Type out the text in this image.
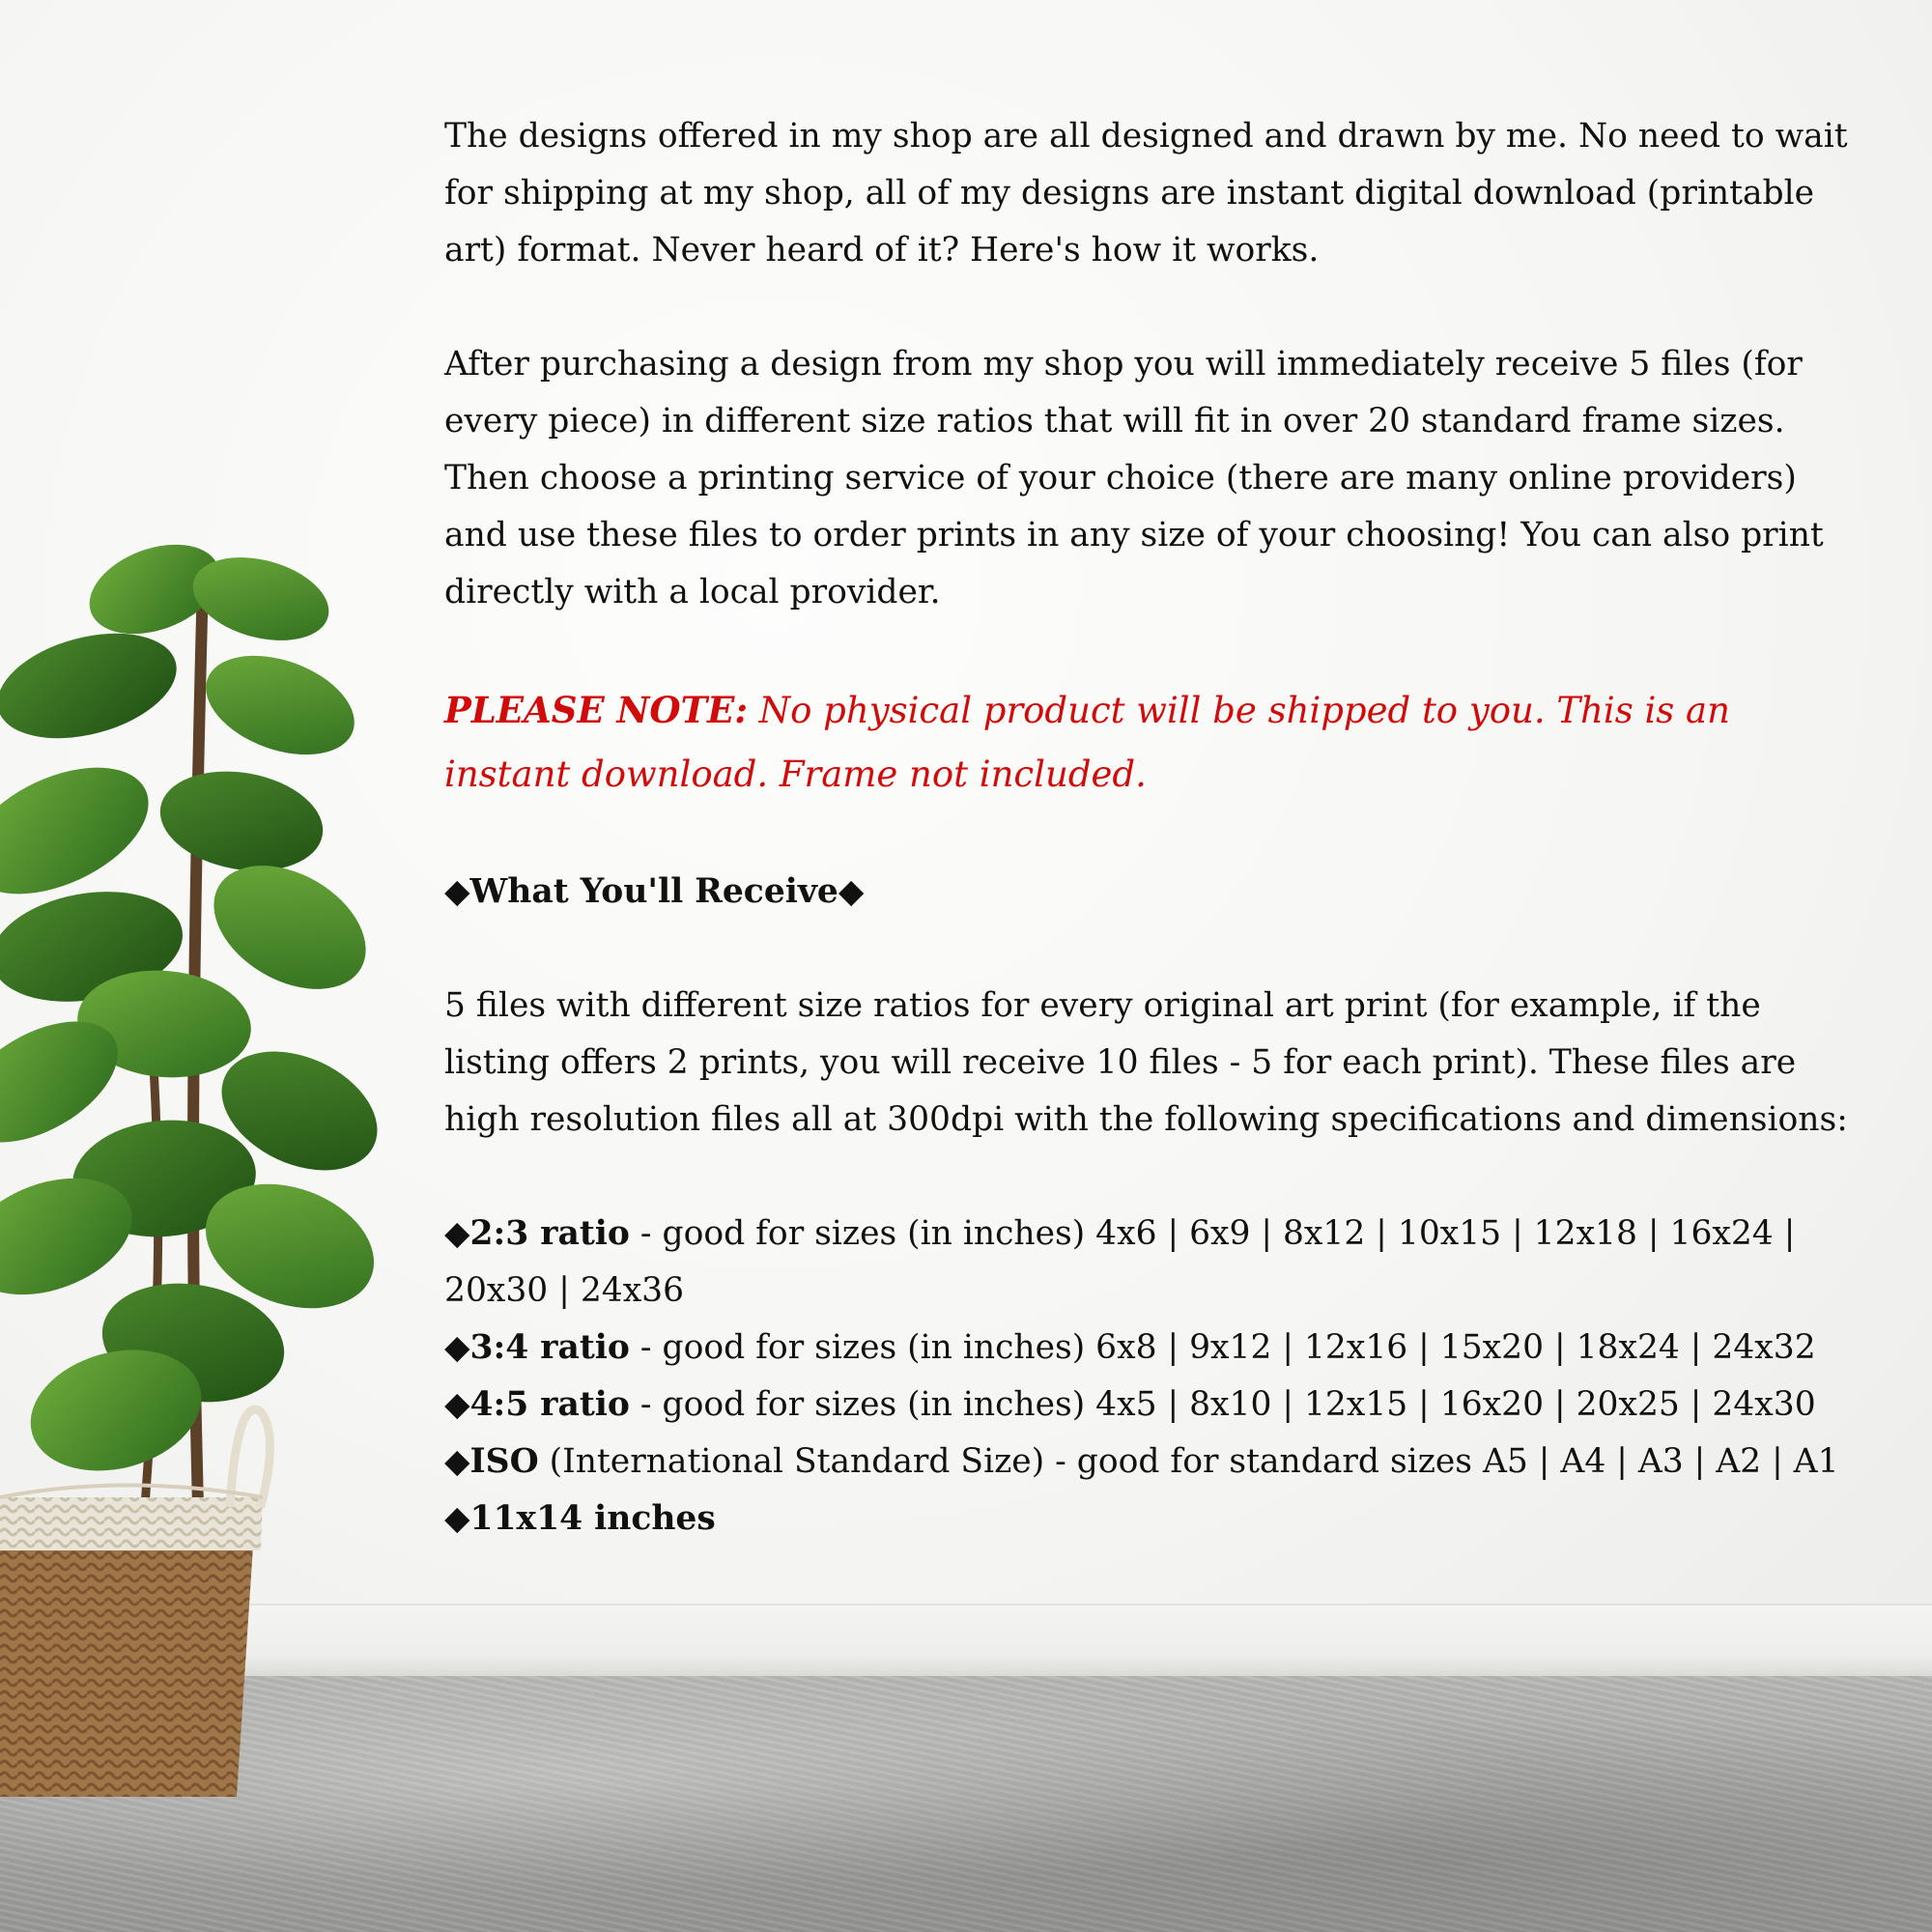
The designs offered in my shop are all designed and drawn by me. No need to wait for shipping at my shop, all of my designs are instant digital download (printable art) format. Never heard of it? Here's how it works.

After purchasing a design from my shop you will immediately receive 5 files (for every piece) in different size ratios that will fit in over 20 standard frame sizes. Then choose a printing service of your choice (there are many online providers) and use these files to order prints in any size of your choosing! You can also print directly with a local provider.

PLEASE NOTE: No physical product will be shipped to you. This is an instant download. Frame not included.

◆What You'll Receive◆

5 files with different size ratios for every original art print (for example, if the listing offers 2 prints, you will receive 10 files - 5 for each print). These files are high resolution files all at 300dpi with the following specifications and dimensions:

◆2:3 ratio - good for sizes (in inches) 4x6 | 6x9 | 8x12 | 10x15 | 12x18 | 16x24 | 20x30 | 24x36

◆3:4 ratio - good for sizes (in inches) 6x8 | 9x12 | 12x16 | 15x20 | 18x24 | 24x32

◆4:5 ratio - good for sizes (in inches) 4x5 | 8x10 | 12x15 | 16x20 | 20x25 | 24x30

◆ISO (International Standard Size) - good for standard sizes A5 | A4 | A3 | A2 | A1

◆11x14 inches
